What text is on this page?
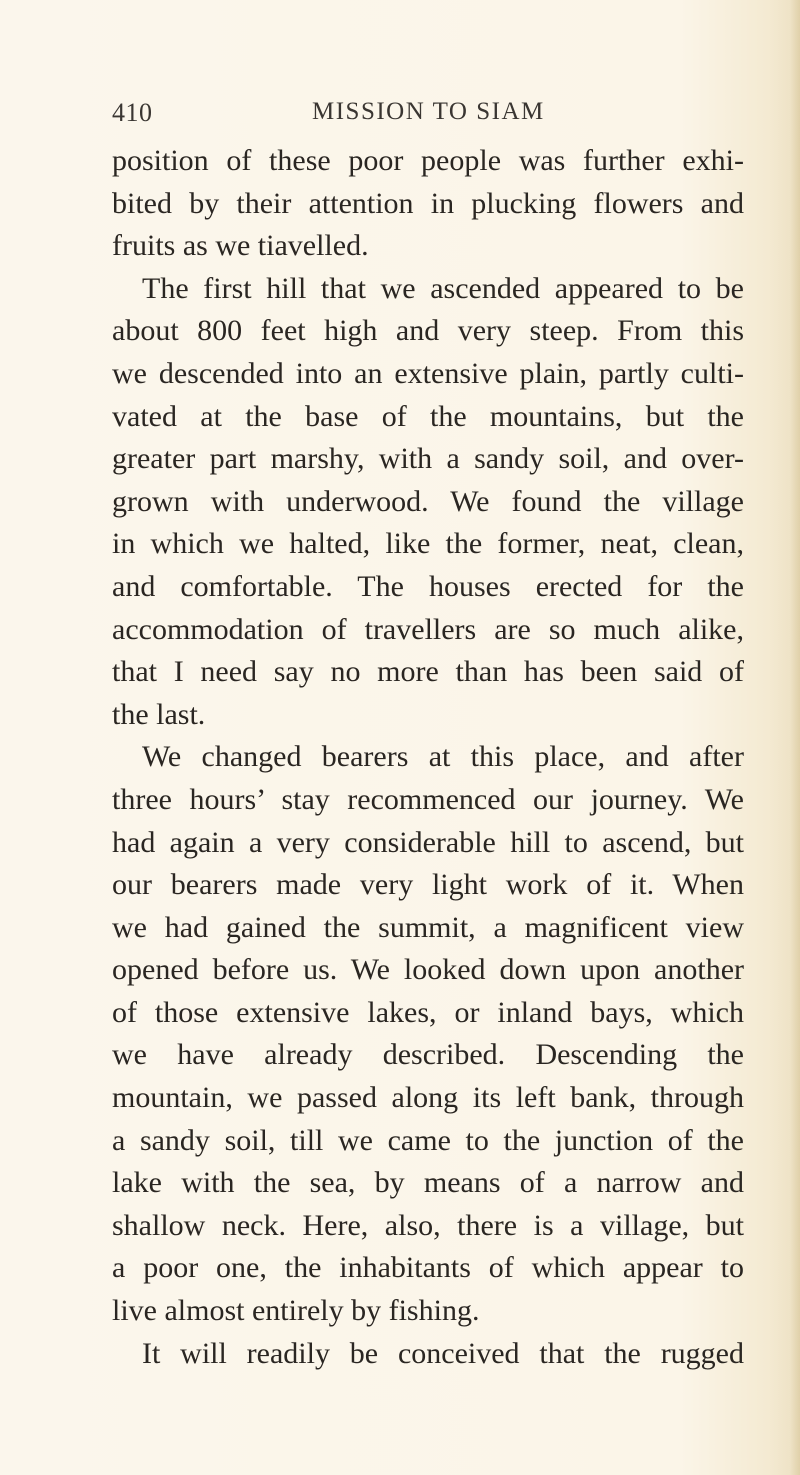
410	MISSION TO SIAM
position of these poor people was further exhi-
bited by their attention in plucking flowers and
fruits as we tiavelled.
The first hill that we ascended appeared to be
about 800 feet high and very steep. From this
we descended into an extensive plain, partly culti-
vated at the base of the mountains, but the
greater part marshy, with a sandy soil, and over-
grown with underwood. We found the village
in which we halted, like the former, neat, clean,
and comfortable. The houses erected for the
accommodation of travellers are so much alike,
that I need say no more than has been said of
the last.
We changed bearers at this place, and after
three hours’ stay recommenced our journey. We
had again a very considerable hill to ascend, but
our bearers made very light work of it. When
we had gained the summit, a magnificent view
opened before us. We looked down upon another
of those extensive lakes, or inland bays, which
we have already described. Descending the
mountain, we passed along its left bank, through
a sandy soil, till we came to the junction of the
lake with the sea, by means of a narrow and
shallow neck. Here, also, there is a village, but
a poor one, the inhabitants of which appear to
live almost entirely by fishing.
It will readily be conceived that the rugged
